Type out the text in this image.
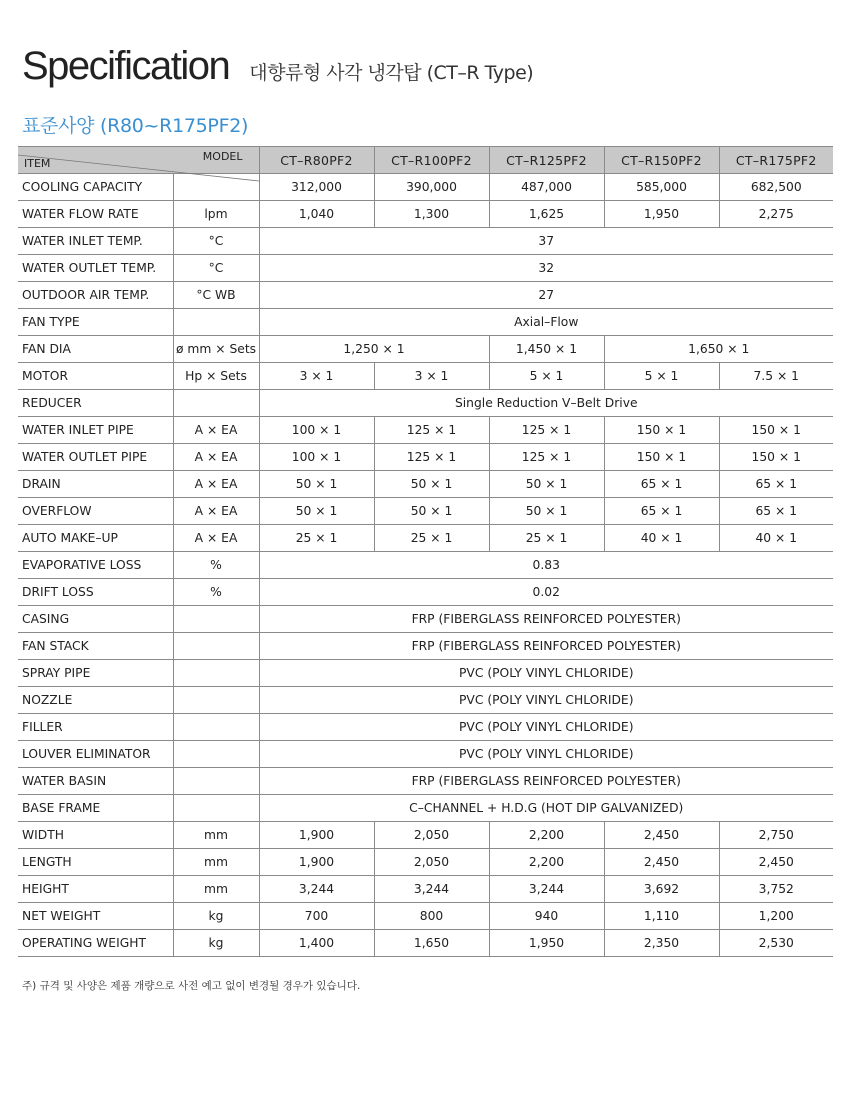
Specification 대향류형 사각 냉각탑 (CT–R Type)
표준사양 (R80~R175PF2)
MODEL
ITEM		CT–R80PF2	CT–R100PF2	CT–R125PF2	CT–R150PF2	CT–R175PF2
COOLING CAPACITY		312,000	390,000	487,000	585,000	682,500
WATER FLOW RATE	lpm	1,040	1,300	1,625	1,950	2,275
WATER INLET TEMP.	°C	37				
WATER OUTLET TEMP.	°C	32				
OUTDOOR AIR TEMP.	°C WB	27				
FAN TYPE		Axial–Flow				
FAN DIA	ø mm × Sets	1,250 × 1		1,450 × 1	1,650 × 1	
MOTOR	Hp × Sets	3 × 1	3 × 1	5 × 1	5 × 1	7.5 × 1
REDUCER		Single Reduction V–Belt Drive				
WATER INLET PIPE	A × EA	100 × 1	125 × 1	125 × 1	150 × 1	150 × 1
WATER OUTLET PIPE	A × EA	100 × 1	125 × 1	125 × 1	150 × 1	150 × 1
DRAIN	A × EA	50 × 1	50 × 1	50 × 1	65 × 1	65 × 1
OVERFLOW	A × EA	50 × 1	50 × 1	50 × 1	65 × 1	65 × 1
AUTO MAKE–UP	A × EA	25 × 1	25 × 1	25 × 1	40 × 1	40 × 1
EVAPORATIVE LOSS	%	0.83				
DRIFT LOSS	%	0.02				
CASING		FRP (FIBERGLASS REINFORCED POLYESTER)				
FAN STACK		FRP (FIBERGLASS REINFORCED POLYESTER)				
SPRAY PIPE		PVC (POLY VINYL CHLORIDE)				
NOZZLE		PVC (POLY VINYL CHLORIDE)				
FILLER		PVC (POLY VINYL CHLORIDE)				
LOUVER ELIMINATOR		PVC (POLY VINYL CHLORIDE)				
WATER BASIN		FRP (FIBERGLASS REINFORCED POLYESTER)				
BASE FRAME		C–CHANNEL + H.D.G (HOT DIP GALVANIZED)				
WIDTH	mm	1,900	2,050	2,200	2,450	2,750
LENGTH	mm	1,900	2,050	2,200	2,450	2,450
HEIGHT	mm	3,244	3,244	3,244	3,692	3,752
NET WEIGHT	kg	700	800	940	1,110	1,200
OPERATING WEIGHT	kg	1,400	1,650	1,950	2,350	2,530
주) 규격 및 사양은 제품 개량으로 사전 예고 없이 변경될 경우가 있습니다.
